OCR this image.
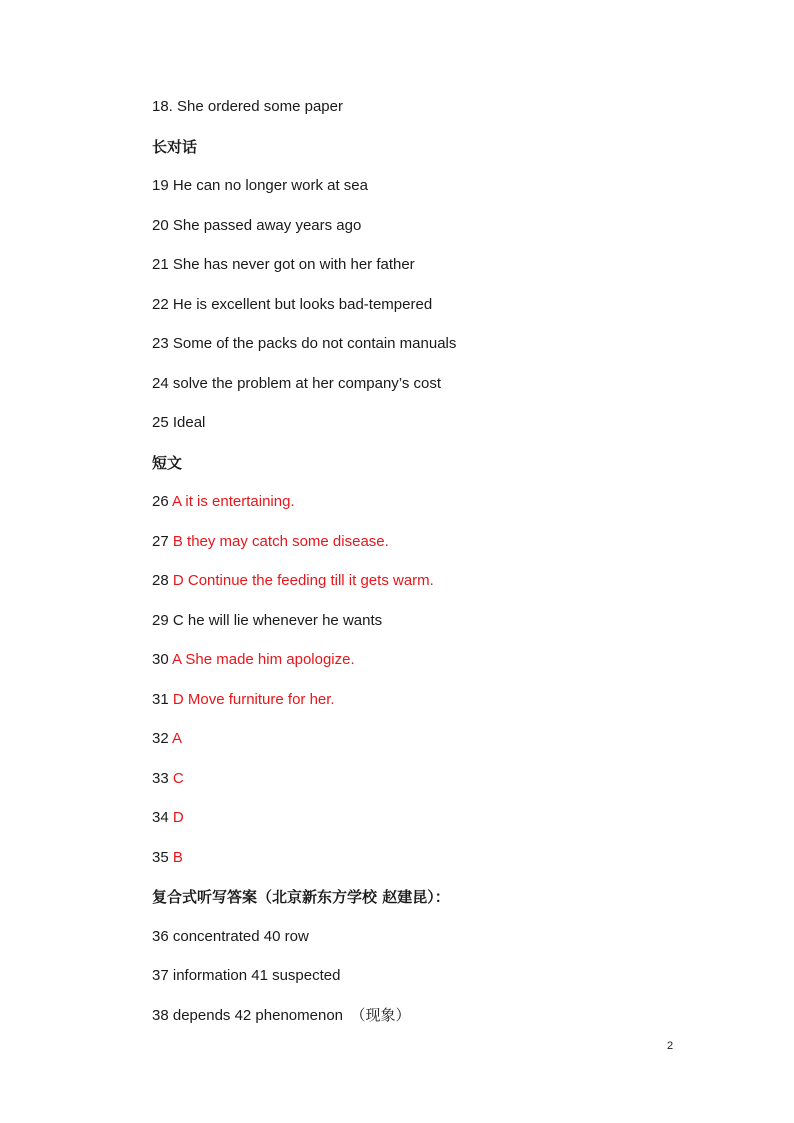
18. She ordered some paper
长对话
19 He can no longer work at sea
20 She passed away years ago
21 She has never got on with her father
22 He is excellent but looks bad-tempered
23 Some of the packs do not contain manuals
24 solve the problem at her company’s cost
25 Ideal
短文
26 A it is entertaining.
27 B they may catch some disease.
28 D Continue the feeding till it gets warm.
29 C he will lie whenever he wants
30 A She made him apologize.
31 D Move furniture for her.
32 A
33 C
34 D
35 B
复合式听写答案（北京新东方学校 赵建昆）：
36 concentrated 40 row
37 information 41 suspected
38 depends 42 phenomenon　（现象）
2
